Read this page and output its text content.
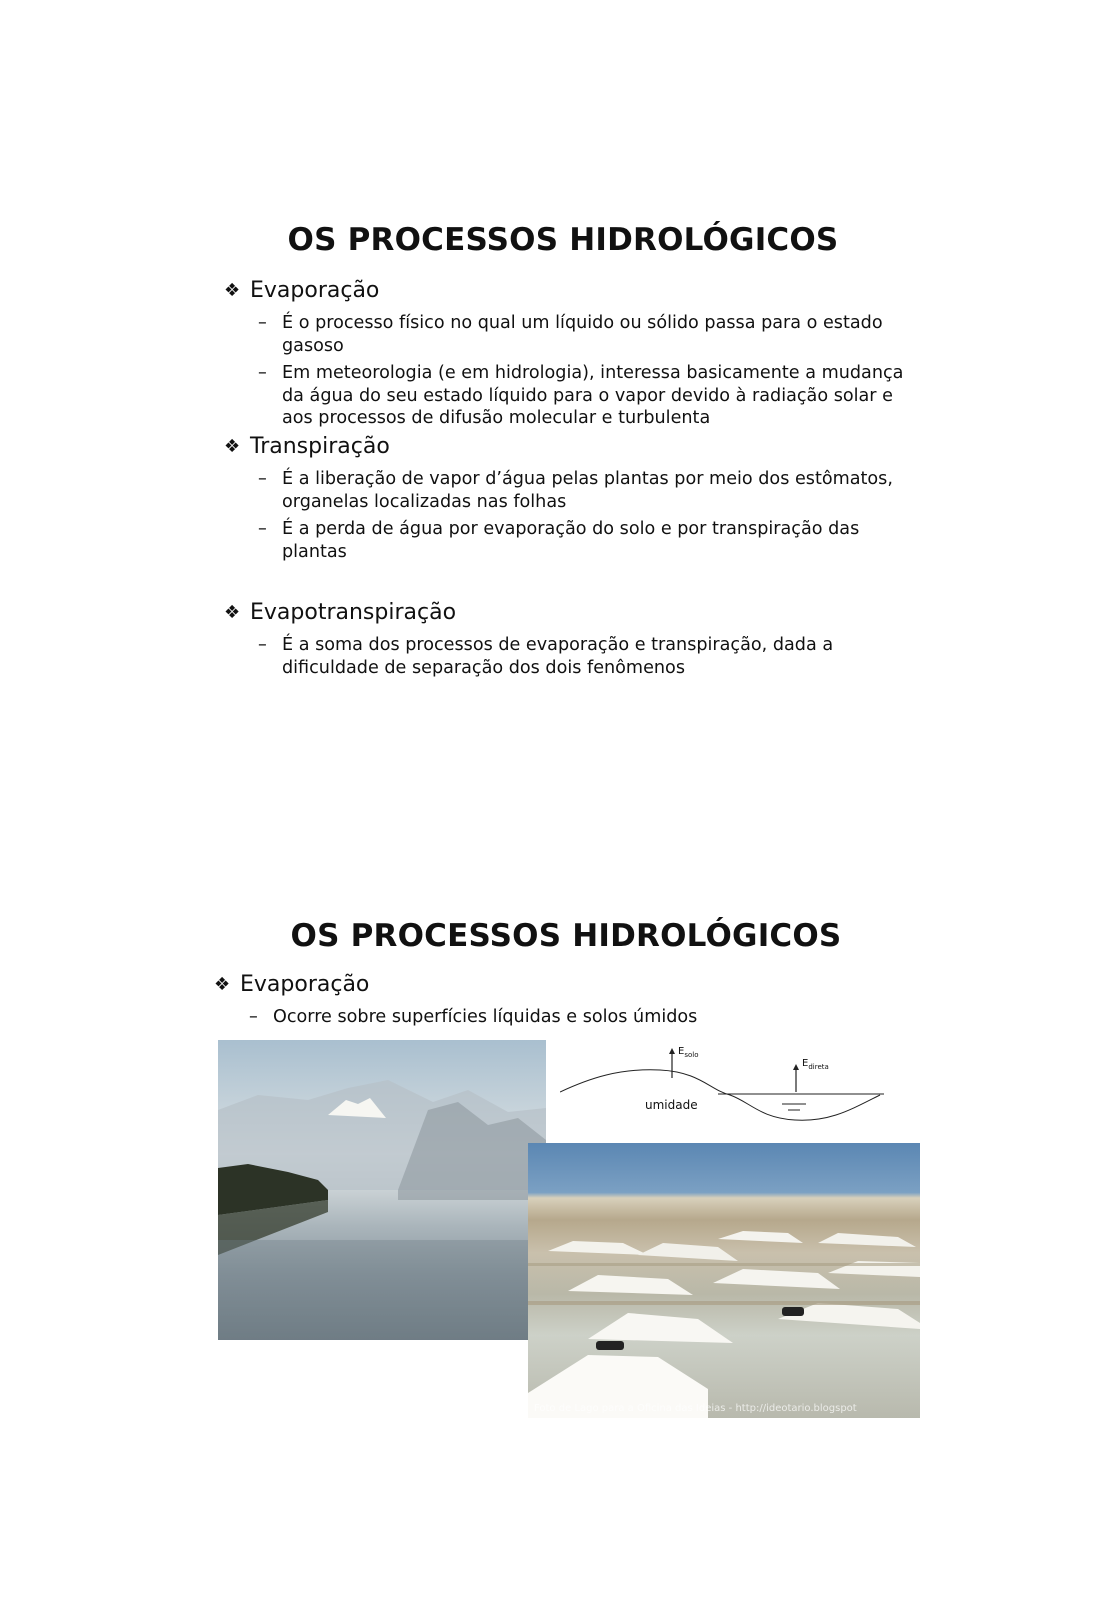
OS PROCESSOS HIDROLÓGICOS
❖ Evaporação
– É o processo físico no qual um líquido ou sólido passa para o estado gasoso
– Em meteorologia (e em hidrologia), interessa basicamente a mudança da água do seu estado líquido para o vapor devido à radiação solar e aos processos de difusão molecular e turbulenta
❖ Transpiração
– É a liberação de vapor d’água pelas plantas por meio dos estômatos, organelas localizadas nas folhas
– É a perda de água por evaporação do solo e por transpiração das plantas
❖ Evapotranspiração
– É a soma dos processos de evaporação e transpiração, dada a dificuldade de separação dos dois fenômenos
OS PROCESSOS HIDROLÓGICOS
❖ Evaporação
– Ocorre sobre superfícies líquidas e solos úmidos
$E_{solo}$
$E_{direta}$
umidade
Foto de Lago para a Oficina das Ideias - http://ideotario.blogspot
